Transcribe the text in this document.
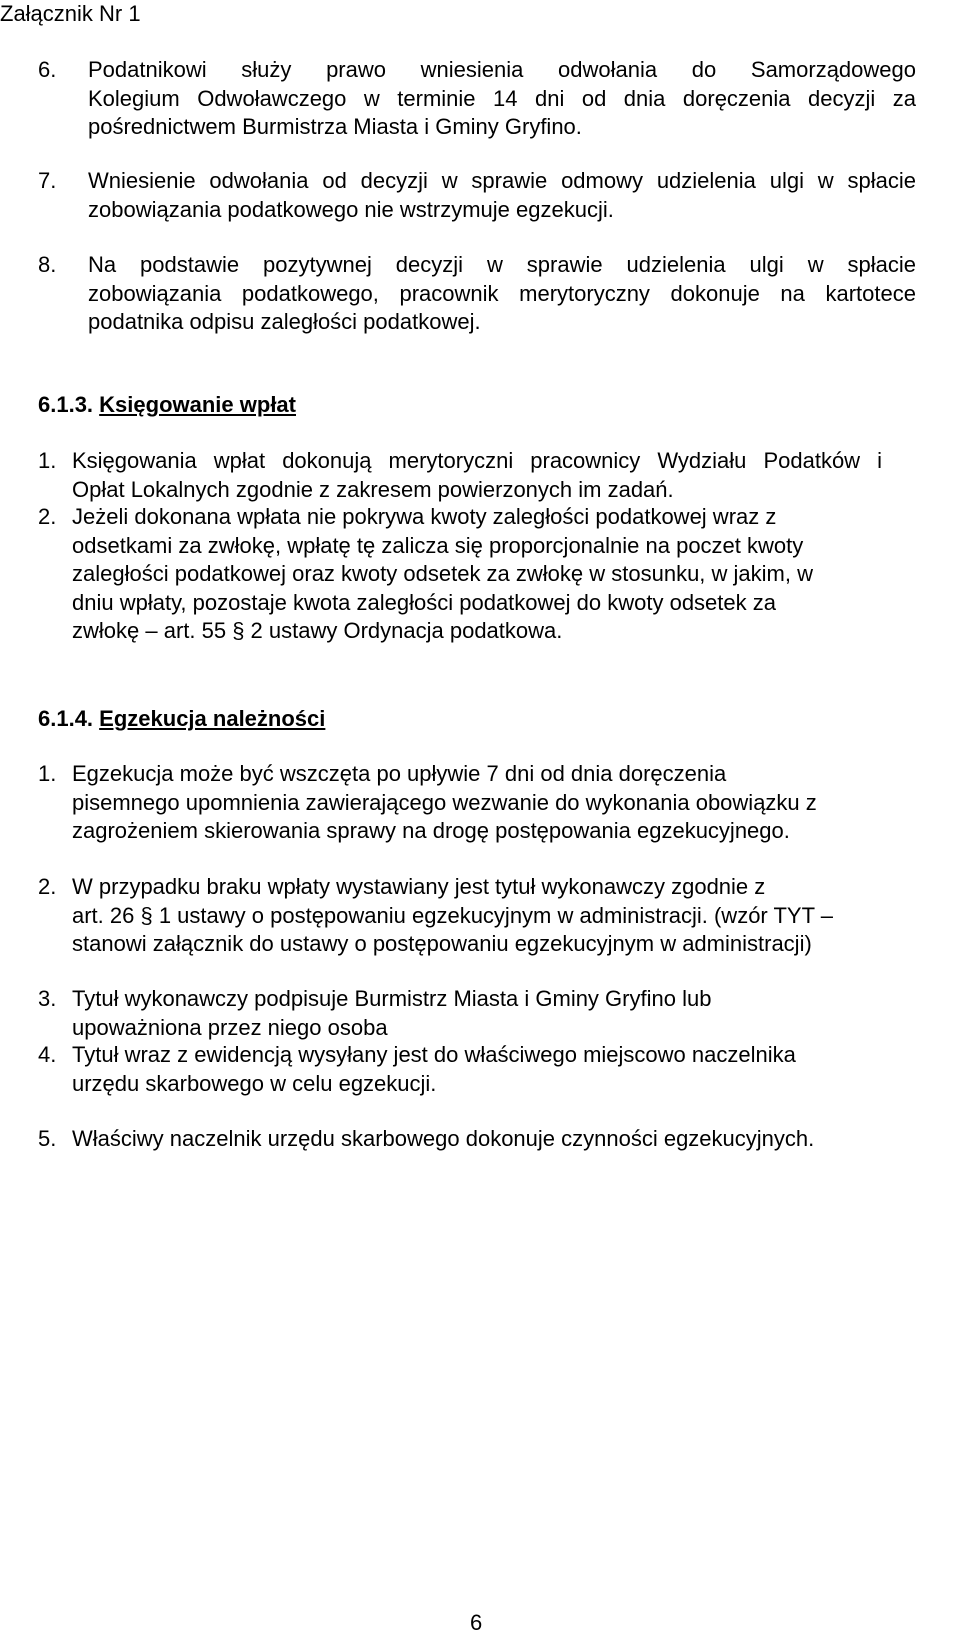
Załącznik Nr 1
6. Podatnikowi służy prawo wniesienia odwołania do Samorządowego
Kolegium Odwoławczego w terminie 14 dni od dnia doręczenia decyzji za
pośrednictwem Burmistrza Miasta i Gminy Gryfino.
7. Wniesienie odwołania od decyzji w sprawie odmowy udzielenia ulgi w spłacie
zobowiązania podatkowego nie wstrzymuje egzekucji.
8. Na podstawie pozytywnej decyzji w sprawie udzielenia ulgi w spłacie
zobowiązania podatkowego, pracownik merytoryczny dokonuje na kartotece
podatnika odpisu zaległości podatkowej.
6.1.3. Księgowanie wpłat
1. Księgowania wpłat dokonują merytoryczni pracownicy Wydziału Podatków i
Opłat Lokalnych zgodnie z zakresem powierzonych im zadań.
2. Jeżeli dokonana wpłata nie pokrywa kwoty zaległości podatkowej wraz z
odsetkami za zwłokę, wpłatę tę zalicza się proporcjonalnie na poczet kwoty
zaległości podatkowej oraz kwoty odsetek za zwłokę w stosunku, w jakim, w
dniu wpłaty, pozostaje kwota zaległości podatkowej do kwoty odsetek za
zwłokę – art. 55 § 2 ustawy Ordynacja podatkowa.
6.1.4. Egzekucja należności
1. Egzekucja może być wszczęta po upływie 7 dni od dnia doręczenia
pisemnego upomnienia zawierającego wezwanie do wykonania obowiązku z
zagrożeniem skierowania sprawy na drogę postępowania egzekucyjnego.
2. W przypadku braku wpłaty wystawiany jest tytuł wykonawczy zgodnie z
art. 26 § 1 ustawy o postępowaniu egzekucyjnym w administracji. (wzór TYT –
stanowi załącznik do ustawy o postępowaniu egzekucyjnym w administracji)
3. Tytuł wykonawczy podpisuje Burmistrz Miasta i Gminy Gryfino lub
upoważniona przez niego osoba
4. Tytuł wraz z ewidencją wysyłany jest do właściwego miejscowo naczelnika
urzędu skarbowego w celu egzekucji.
5. Właściwy naczelnik urzędu skarbowego dokonuje czynności egzekucyjnych.
6
